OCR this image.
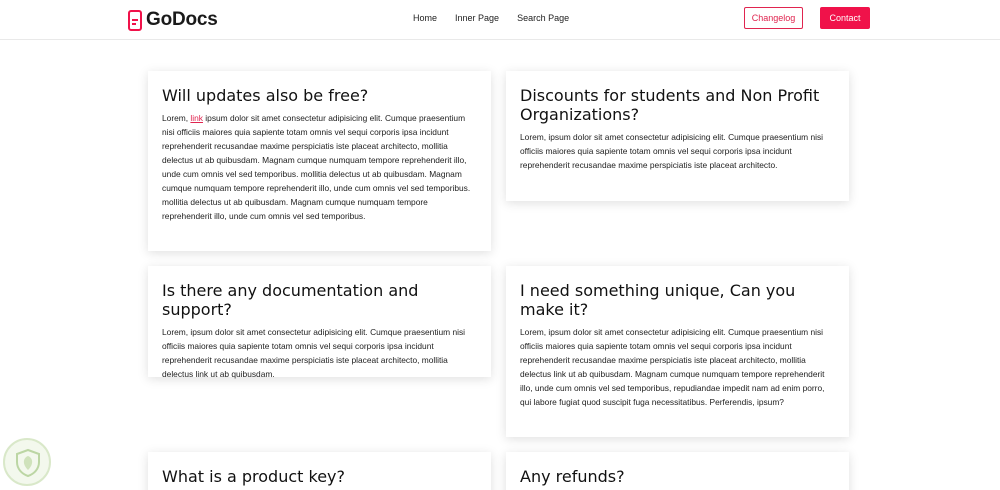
GoDocs	Home Inner Page Search Page	Changelog	Contact
Will updates also be free?

Lorem, link ipsum dolor sit amet consectetur adipisicing elit. Cumque praesentium nisi officiis maiores quia sapiente totam omnis vel sequi corporis ipsa incidunt reprehenderit recusandae maxime perspiciatis iste placeat architecto, mollitia delectus ut ab quibusdam. Magnam cumque numquam tempore reprehenderit illo, unde cum omnis vel sed temporibus. mollitia delectus ut ab quibusdam. Magnam cumque numquam tempore reprehenderit illo, unde cum omnis vel sed temporibus. mollitia delectus ut ab quibusdam. Magnam cumque numquam tempore reprehenderit illo, unde cum omnis vel sed temporibus.

Discounts for students and Non Profit Organizations?

Lorem, ipsum dolor sit amet consectetur adipisicing elit. Cumque praesentium nisi officiis maiores quia sapiente totam omnis vel sequi corporis ipsa incidunt reprehenderit recusandae maxime perspiciatis iste placeat architecto.

Is there any documentation and support?

Lorem, ipsum dolor sit amet consectetur adipisicing elit. Cumque praesentium nisi officiis maiores quia sapiente totam omnis vel sequi corporis ipsa incidunt reprehenderit recusandae maxime perspiciatis iste placeat architecto, mollitia delectus link ut ab quibusdam.

I need something unique, Can you make it?

Lorem, ipsum dolor sit amet consectetur adipisicing elit. Cumque praesentium nisi officiis maiores quia sapiente totam omnis vel sequi corporis ipsa incidunt reprehenderit recusandae maxime perspiciatis iste placeat architecto, mollitia delectus link ut ab quibusdam. Magnam cumque numquam tempore reprehenderit illo, unde cum omnis vel sed temporibus, repudiandae impedit nam ad enim porro, qui labore fugiat quod suscipit fuga necessitatibus. Perferendis, ipsum?

What is a product key?	Any refunds?
